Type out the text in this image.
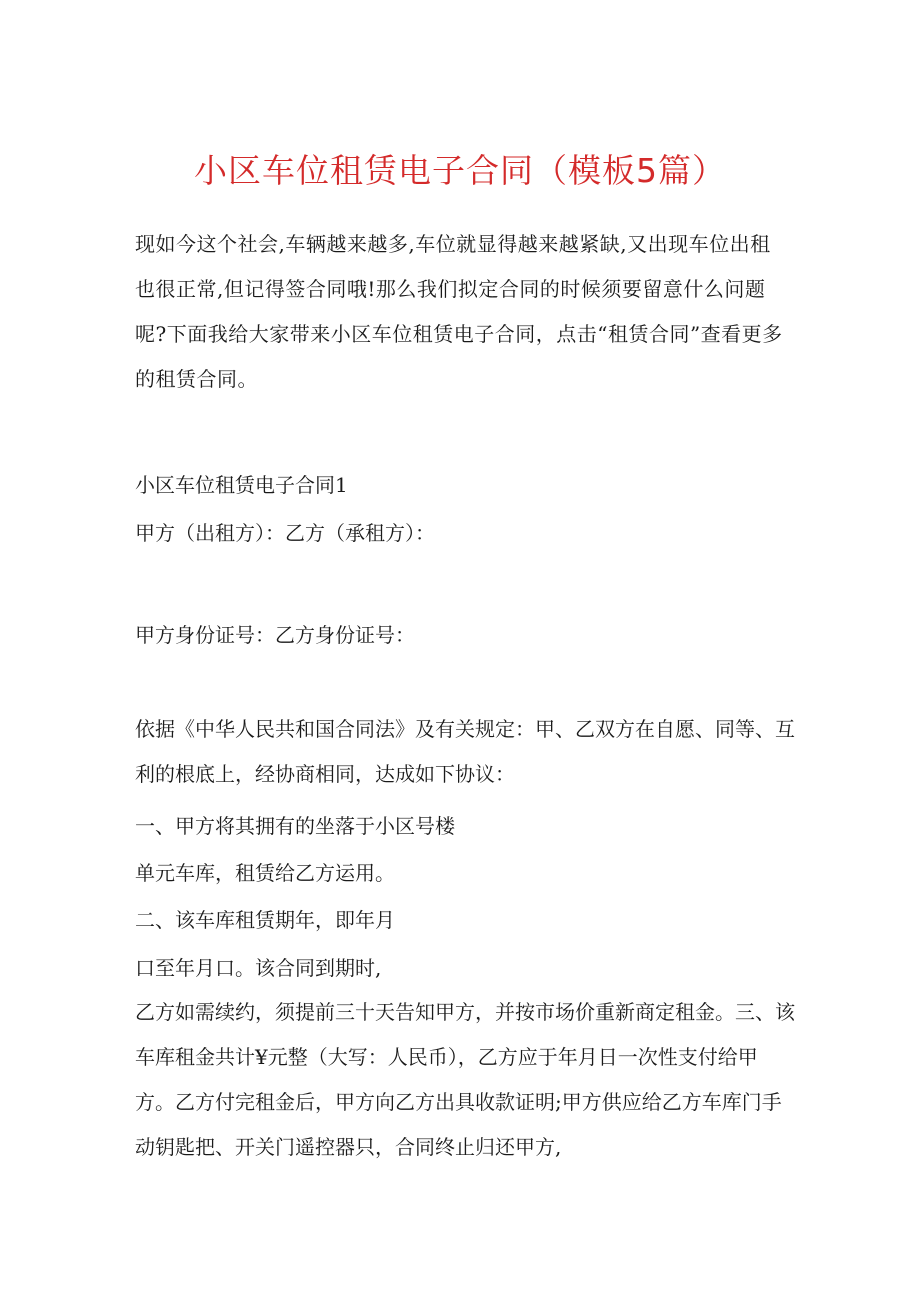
小区车位租赁电子合同（模板5篇）

现如今这个社会,车辆越来越多,车位就显得越来越紧缺,又出现车位出租也很正常,但记得签合同哦!那么我们拟定合同的时候须要留意什么问题呢?下面我给大家带来小区车位租赁电子合同，点击“租赁合同”查看更多的租赁合同。

小区车位租赁电子合同1

甲方（出租方）：乙方（承租方）：

甲方身份证号：乙方身份证号：

依据《中华人民共和国合同法》及有关规定：甲、乙双方在自愿、同等、互利的根底上，经协商相同，达成如下协议：

一、甲方将其拥有的坐落于小区号楼

单元车库，租赁给乙方运用。

二、该车库租赁期年，即年月

口至年月口。该合同到期时,

乙方如需续约，须提前三十天告知甲方，并按市场价重新商定租金。三、该车库租金共计¥元整（大写：人民币），乙方应于年月日一次性支付给甲方。乙方付完租金后，甲方向乙方出具收款证明;甲方供应给乙方车库门手动钥匙把、开关门遥控器只，合同终止归还甲方,
